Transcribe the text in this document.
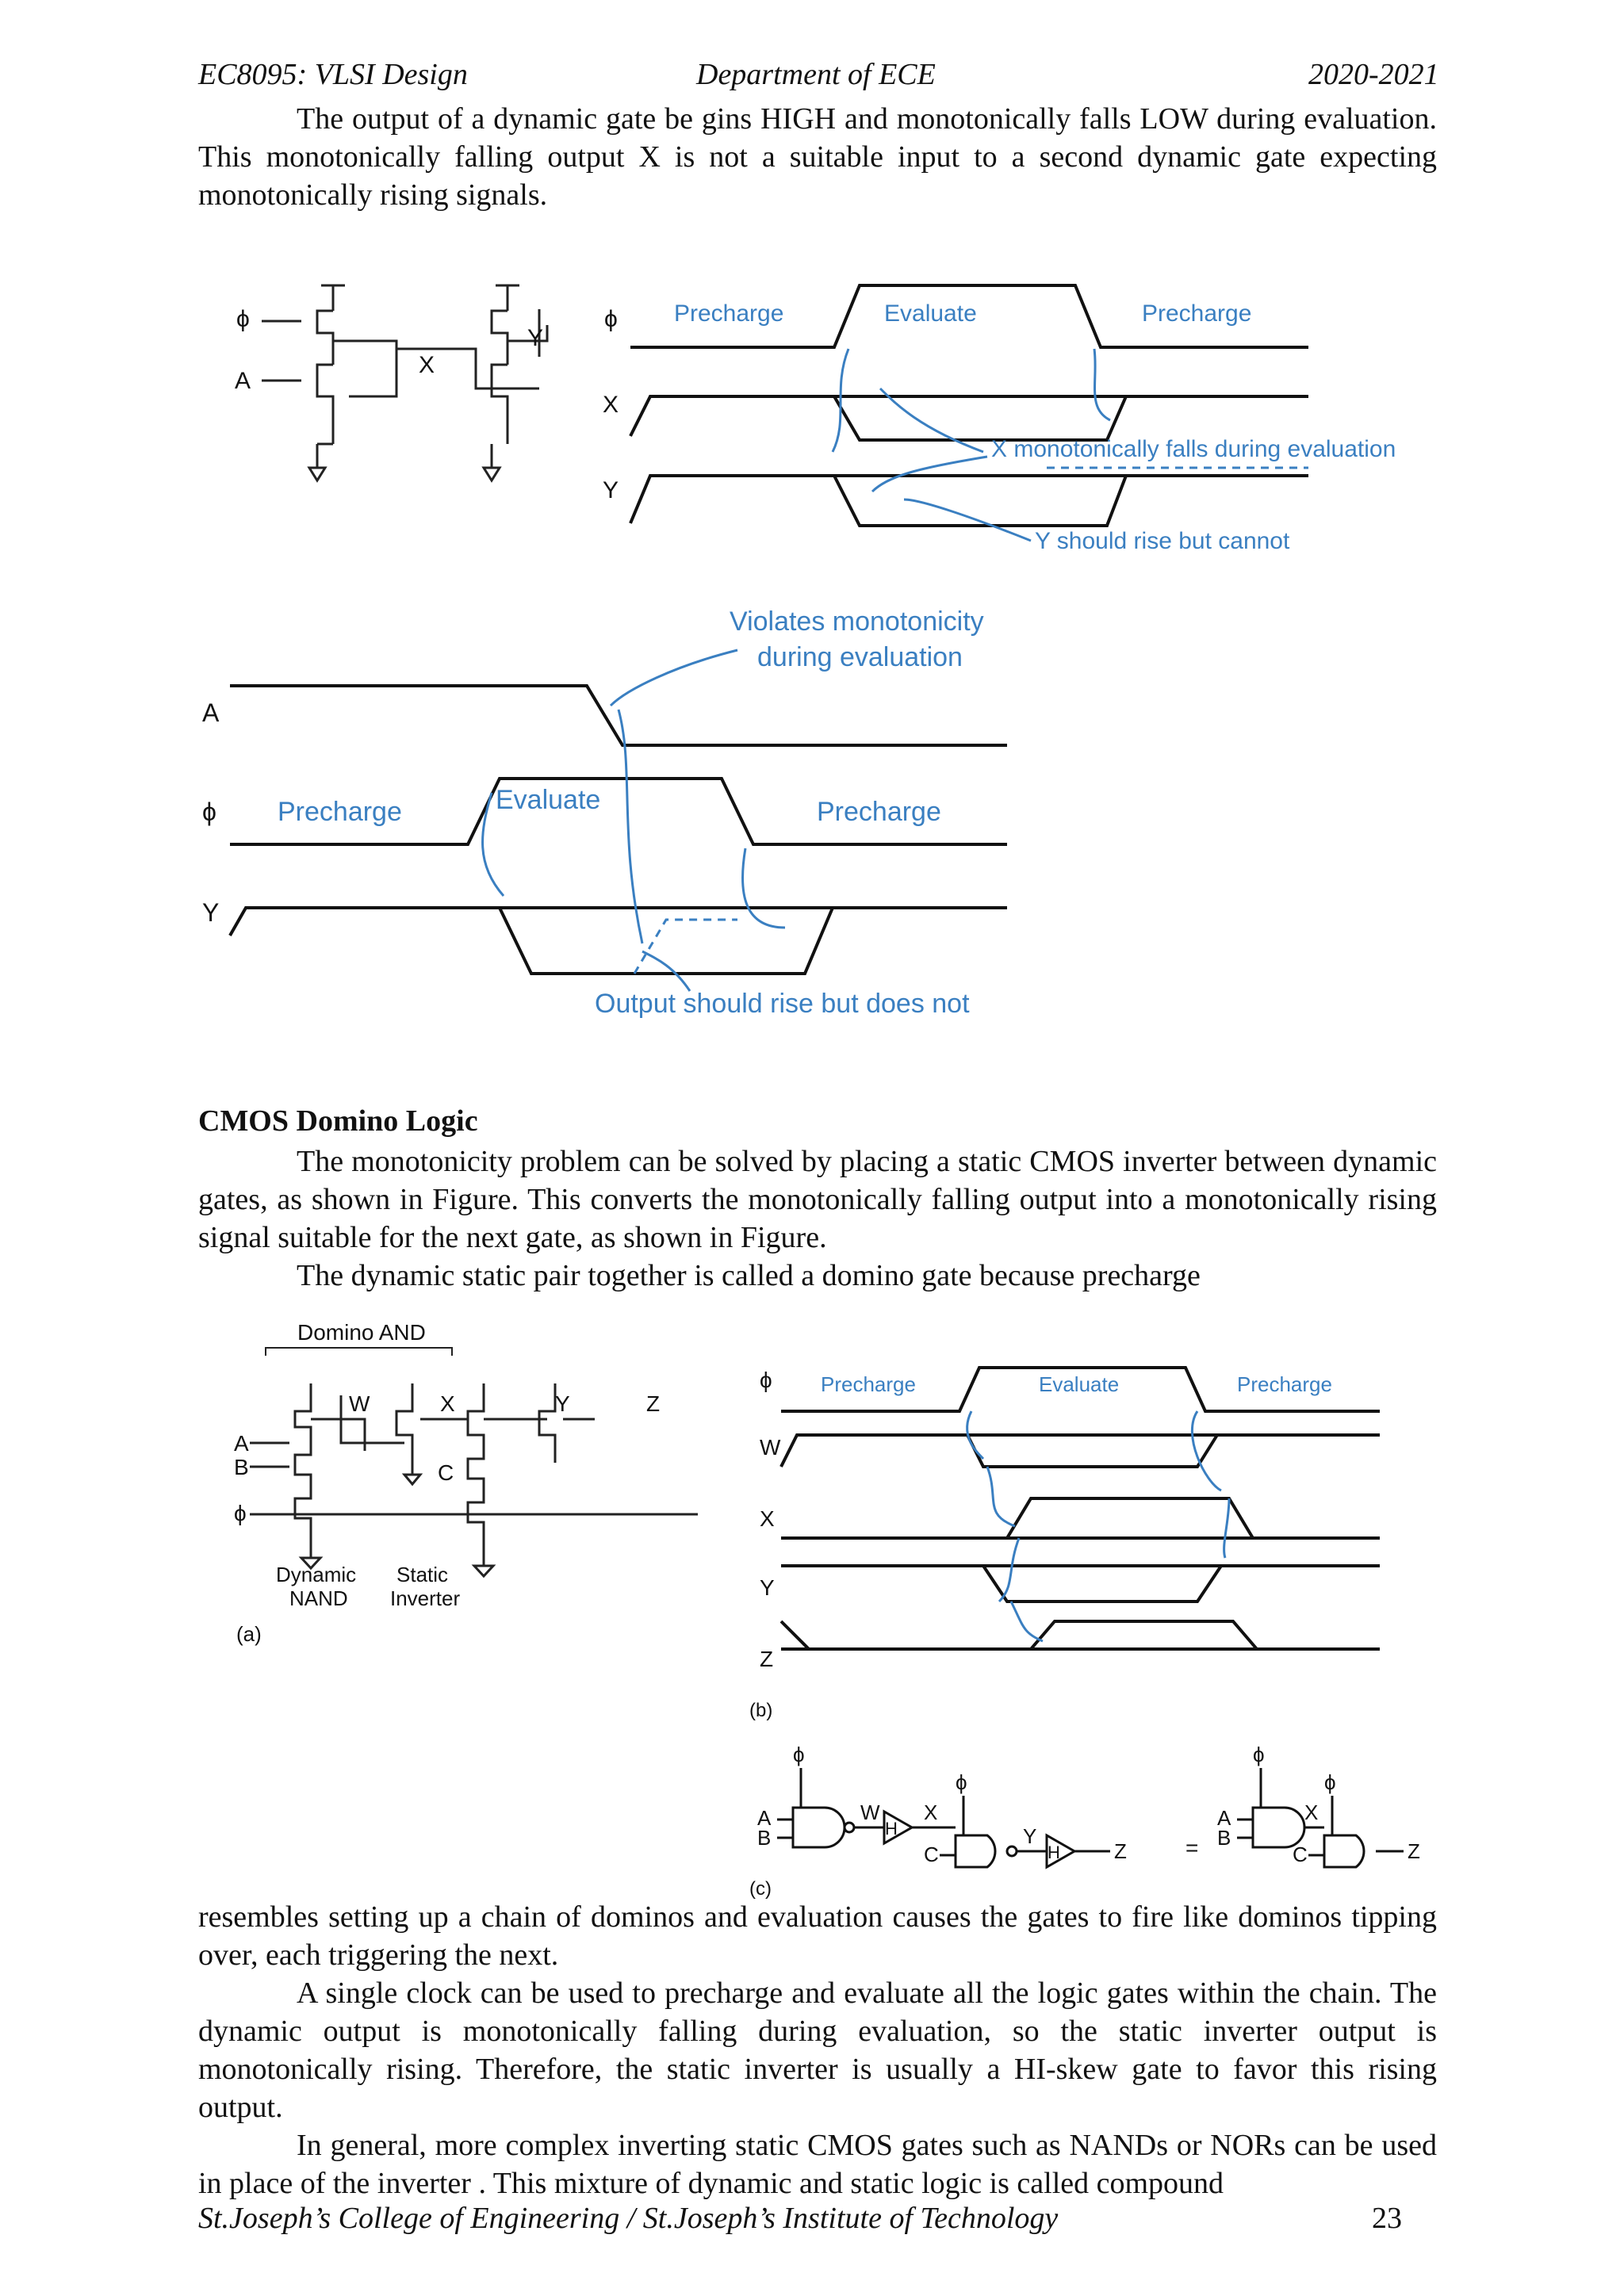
EC8095: VLSI Design	Department of ECE	2020-2021

The output of a dynamic gate be gins HIGH and monotonically falls LOW during evaluation. This monotonically falling output X is not a suitable input to a second dynamic gate expecting monotonically rising signals.

ϕ
A
X
Y
ϕ
X
Y
Precharge	Evaluate	Precharge
X monotonically falls during evaluation
Y should rise but cannot
A
ϕ
Y
Precharge	Evaluate	Precharge
Violates monotonicity
during evaluation
Output should rise but does not
CMOS Domino Logic

The monotonicity problem can be solved by placing a static CMOS inverter between dynamic gates, as shown in Figure. This converts the monotonically falling output into a monotonically rising signal suitable for the next gate, as shown in Figure.

The dynamic static pair together is called a domino gate because precharge

Domino AND
W	X	Y	Z
C
A
B
ϕ
Dynamic
NAND
Static
Inverter
(a)
ϕ
W
X
Y
Z
Precharge	Evaluate	Precharge
(b)
ϕ
ϕ
ϕ
ϕ
A
B
W
H
X
C
Y
H	Z	=
A
B
X
C	Z
(c)

resembles setting up a chain of dominos and evaluation causes the gates to fire like dominos tipping over, each triggering the next.

A single clock can be used to precharge and evaluate all the logic gates within the chain. The dynamic output is monotonically falling during evaluation, so the static inverter output is monotonically rising. Therefore, the static inverter is usually a HI-skew gate to favor this rising output.

In general, more complex inverting static CMOS gates such as NANDs or NORs can be used in place of the inverter . This mixture of dynamic and static logic is called compound

St.Joseph’s College of Engineering / St.Joseph’s Institute of Technology	23
